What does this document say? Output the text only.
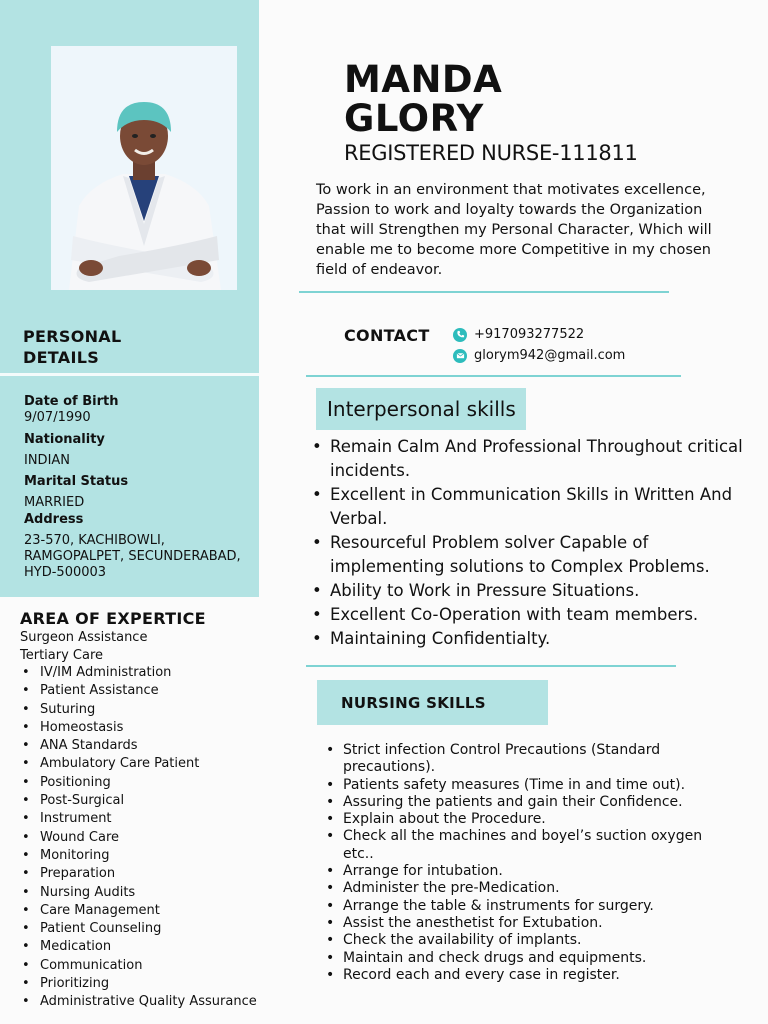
PERSONAL
DETAILS
Date of Birth
9/07/1990
Nationality
INDIAN
Marital Status
MARRIED
Address
23-570, KACHIBOWLI,
RAMGOPALPET, SECUNDERABAD,
HYD-500003
AREA OF EXPERTICE
Surgeon Assistance
Tertiary Care
• IV/IM Administration
• Patient Assistance
• Suturing
• Homeostasis
• ANA Standards
• Ambulatory Care Patient
• Positioning
• Post-Surgical
• Instrument
• Wound Care
• Monitoring
• Preparation
• Nursing Audits
• Care Management
• Patient Counseling
• Medication
• Communication
• Prioritizing
• Administrative Quality Assurance
MANDA
GLORY
REGISTERED NURSE-111811
To work in an environment that motivates excellence, Passion to work and loyalty towards the Organization that will Strengthen my Personal Character, Which will enable me to become more Competitive in my chosen field of endeavor.
CONTACT	+917093277522
glorym942@gmail.com
Interpersonal skills
• Remain Calm And Professional Throughout critical incidents.
• Excellent in Communication Skills in Written And Verbal.
• Resourceful Problem solver Capable of implementing solutions to Complex Problems.
• Ability to Work in Pressure Situations.
• Excellent Co-Operation with team members.
• Maintaining Confidentialty.
NURSING SKILLS
• Strict infection Control Precautions (Standard precautions).
• Patients safety measures (Time in and time out).
• Assuring the patients and gain their Confidence.
• Explain about the Procedure.
• Check all the machines and boyel’s suction oxygen etc..
• Arrange for intubation.
• Administer the pre-Medication.
• Arrange the table & instruments for surgery.
• Assist the anesthetist for Extubation.
• Check the availability of implants.
• Maintain and check drugs and equipments.
• Record each and every case in register.
